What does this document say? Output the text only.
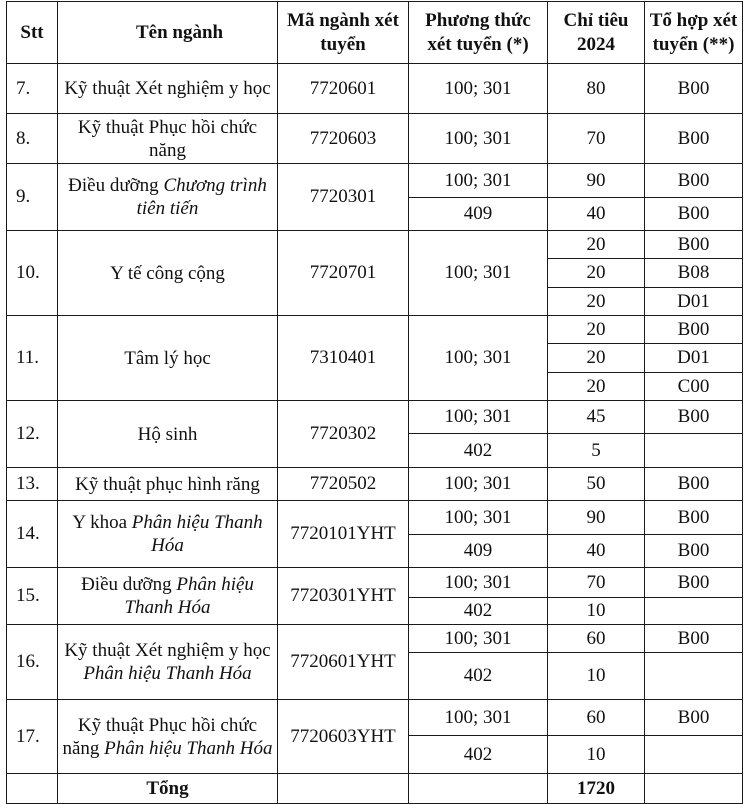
Stt	Tên ngành	Mã ngành xét tuyển	Phương thức xét tuyển (*)	Chỉ tiêu 2024	Tổ hợp xét tuyển (**)
7.	Kỹ thuật Xét nghiệm y học	7720601	100; 301	80	B00
8.	Kỹ thuật Phục hồi chức năng	7720603	100; 301	70	B00
9.	Điều dưỡng Chương trình tiên tiến	7720301	100; 301	90	B00
			409	40	B00
10.	Y tế công cộng	7720701	100; 301	20	B00
				20	B08
				20	D01
11.	Tâm lý học	7310401	100; 301	20	B00
				20	D01
				20	C00
12.	Hộ sinh	7720302	100; 301	45	B00
			402	5	
13.	Kỹ thuật phục hình răng	7720502	100; 301	50	B00
14.	Y khoa Phân hiệu Thanh Hóa	7720101YHT	100; 301	90	B00
			409	40	B00
15.	Điều dưỡng Phân hiệu Thanh Hóa	7720301YHT	100; 301	70	B00
			402	10	
16.	Kỹ thuật Xét nghiệm y học Phân hiệu Thanh Hóa	7720601YHT	100; 301	60	B00
			402	10	
17.	Kỹ thuật Phục hồi chức năng Phân hiệu Thanh Hóa	7720603YHT	100; 301	60	B00
			402	10	
	Tổng			1720	
